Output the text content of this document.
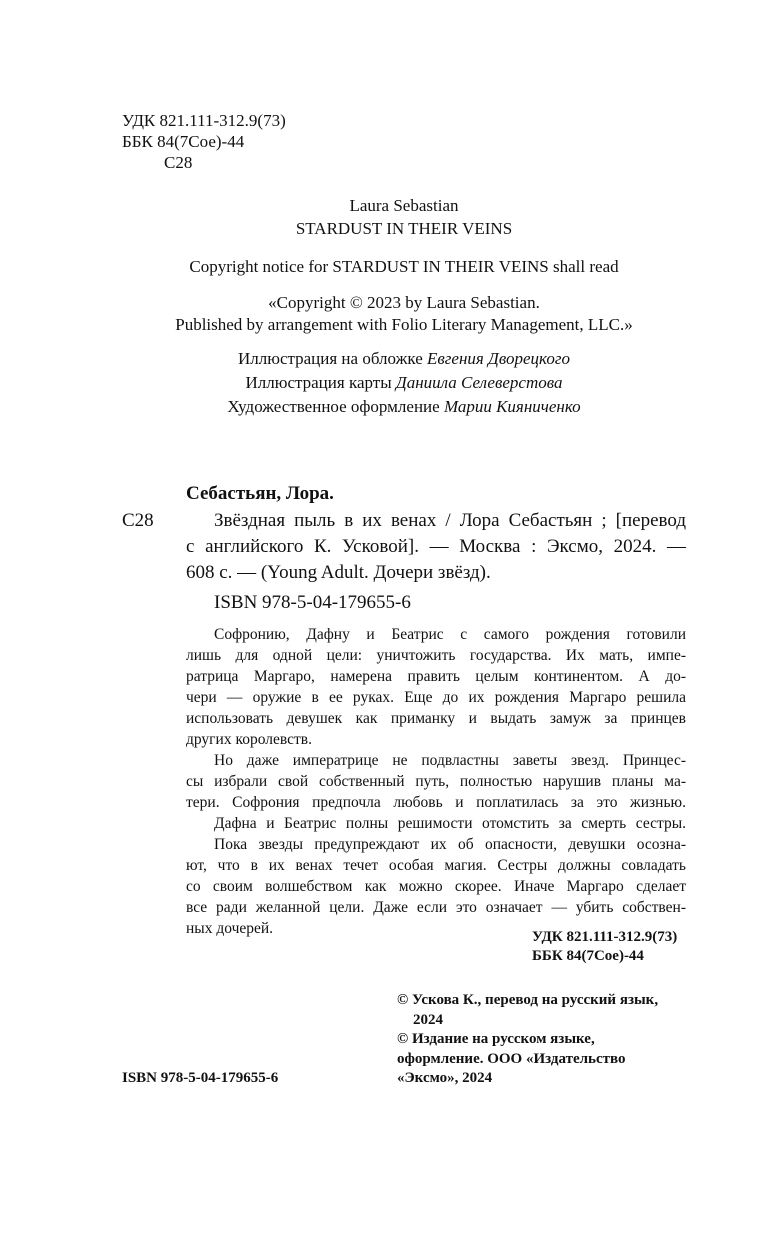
УДК 821.111-312.9(73)
ББК 84(7Сое)-44
С28
Laura Sebastian
STARDUST IN THEIR VEINS
Copyright notice for STARDUST IN THEIR VEINS shall read
«Copyright © 2023 by Laura Sebastian.
Published by arrangement with Folio Literary Management, LLC.»
Иллюстрация на обложке Евгения Дворецкого
Иллюстрация карты Даниила Селеверстова
Художественное оформление Марии Кияниченко
Себастьян, Лора.
С28	Звёздная пыль в их венах / Лора Себастьян ; [перевод
с английского К. Усковой]. — Москва : Эксмо, 2024. —
608 с. — (Young Adult. Дочери звёзд).
ISBN 978-5-04-179655-6
Софронию, Дафну и Беатрис с самого рождения готовили
лишь для одной цели: уничтожить государства. Их мать, импе-
ратрица Маргаро, намерена править целым континентом. А до-
чери — оружие в ее руках. Еще до их рождения Маргаро решила
использовать девушек как приманку и выдать замуж за принцев
других королевств.
Но даже императрице не подвластны заветы звезд. Принцес-
сы избрали свой собственный путь, полностью нарушив планы ма-
тери. Софрония предпочла любовь и поплатилась за это жизнью.
Дафна и Беатрис полны решимости отомстить за смерть сестры.
Пока звезды предупреждают их об опасности, девушки осозна-
ют, что в их венах течет особая магия. Сестры должны совладать
со своим волшебством как можно скорее. Иначе Маргаро сделает
все ради желанной цели. Даже если это означает — убить собствен-
ных дочерей.	УДК 821.111-312.9(73)
ББК 84(7Сое)-44
© Ускова К., перевод на русский язык,
2024
© Издание на русском языке,
оформление. ООО «Издательство
«Эксмо», 2024
ISBN 978-5-04-179655-6
